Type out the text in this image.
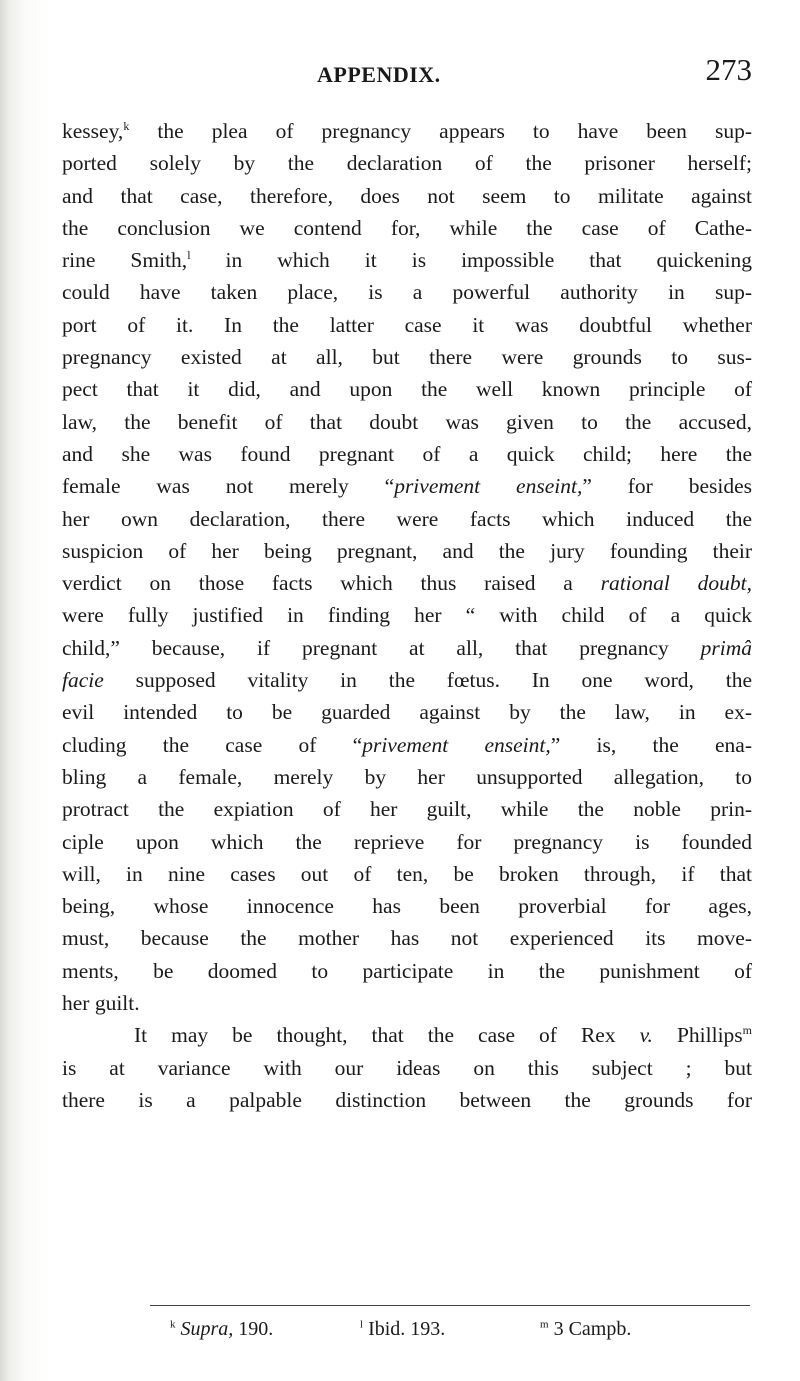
APPENDIX.	273
kessey,$^k$ the plea of pregnancy appears to have been sup-
ported solely by the declaration of the prisoner herself;
and that case, therefore, does not seem to militate against
the conclusion we contend for, while the case of Cathe-
rine Smith,$^l$ in which it is impossible that quickening
could have taken place, is a powerful authority in sup-
port of it. In the latter case it was doubtful whether
pregnancy existed at all, but there were grounds to sus-
pect that it did, and upon the well known principle of
law, the benefit of that doubt was given to the accused,
and she was found pregnant of a quick child; here the
female was not merely “privement enseint,” for besides
her own declaration, there were facts which induced the
suspicion of her being pregnant, and the jury founding their
verdict on those facts which thus raised a rational doubt,
were fully justified in finding her “ with child of a quick
child,” because, if pregnant at all, that pregnancy primâ
facie supposed vitality in the fœtus. In one word, the
evil intended to be guarded against by the law, in ex-
cluding the case of “privement enseint,” is, the ena-
bling a female, merely by her unsupported allegation, to
protract the expiation of her guilt, while the noble prin-
ciple upon which the reprieve for pregnancy is founded
will, in nine cases out of ten, be broken through, if that
being, whose innocence has been proverbial for ages,
must, because the mother has not experienced its move-
ments, be doomed to participate in the punishment of
her guilt.
It may be thought, that the case of Rex v. Phillips$^m$
is at variance with our ideas on this subject ; but
there is a palpable distinction between the grounds for
$^k$ Supra, 190.	$^l$ Ibid. 193.	$^m$ 3 Campb.
